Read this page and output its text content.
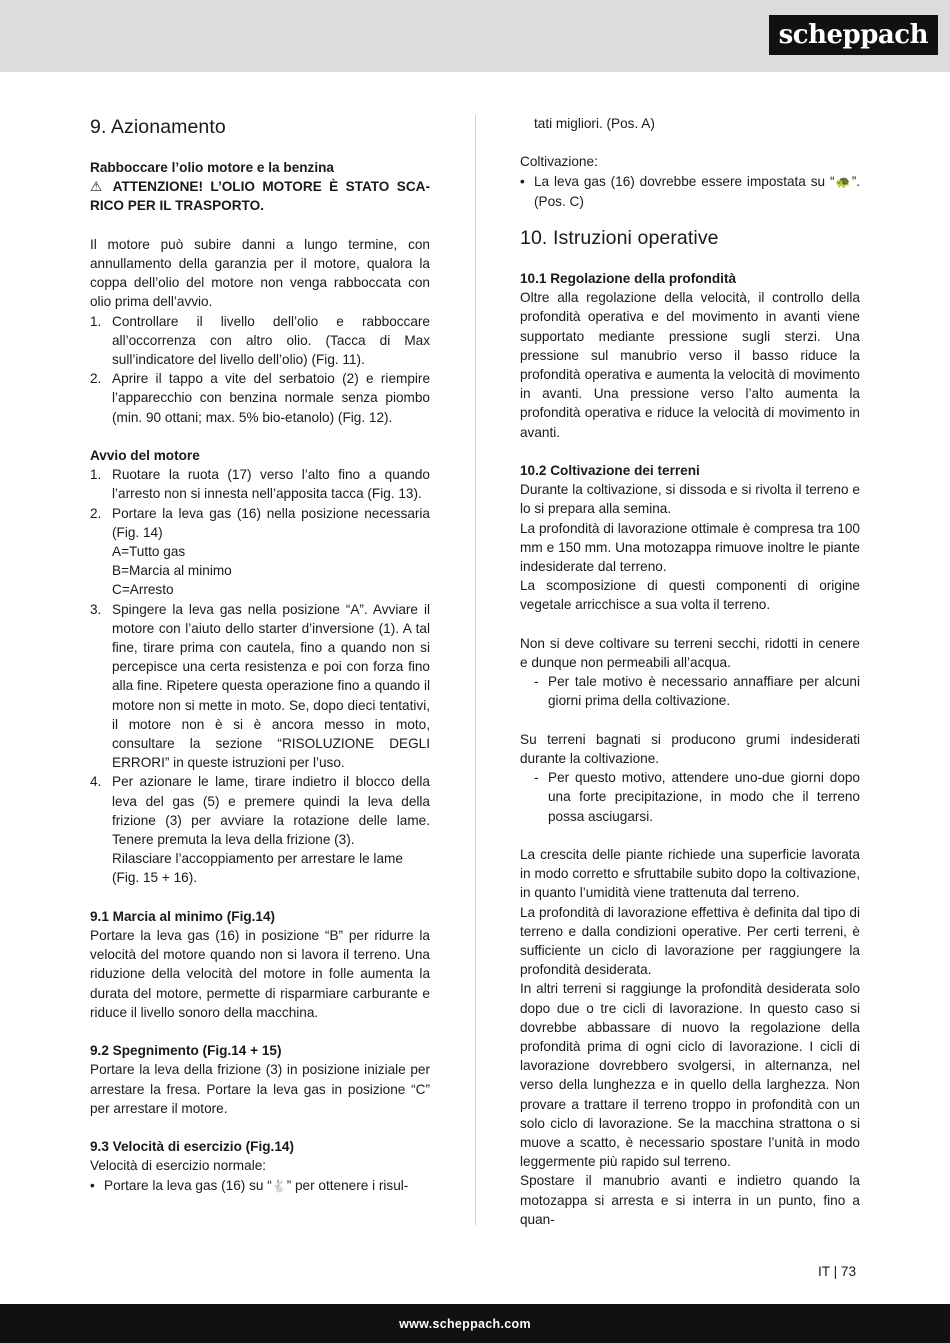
scheppach
9. Azionamento
Rabboccare l’olio motore e la benzina

⚠ ATTENZIONE! L’OLIO MOTORE È STATO SCA-RICO PER IL TRASPORTO.

Il motore può subire danni a lungo termine, con annullamento della garanzia per il motore, qualora la coppa dell’olio del motore non venga rabboccata con olio prima dell’avvio.

1. Controllare il livello dell’olio e rabboccare all’occorrenza con altro olio. (Tacca di Max sull’indicatore del livello dell’olio) (Fig. 11).
2. Aprire il tappo a vite del serbatoio (2) e riempire l’apparecchio con benzina normale senza piombo (min. 90 ottani; max. 5% bio-etanolo) (Fig. 12).
Avvio del motore
1. Ruotare la ruota (17) verso l’alto fino a quando l’arresto non si innesta nell’apposita tacca (Fig. 13).
2. Portare la leva gas (16) nella posizione necessaria (Fig. 14)
A=Tutto gas
B=Marcia al minimo
C=Arresto
3. Spingere la leva gas nella posizione “A”. Avviare il motore con l’aiuto dello starter d’inversione (1). A tal fine, tirare prima con cautela, fino a quando non si percepisce una certa resistenza e poi con forza fino alla fine. Ripetere questa operazione fino a quando il motore non si mette in moto. Se, dopo dieci tentativi, il motore non è si è ancora messo in moto, consultare la sezione “RISOLUZIONE DEGLI ERRORI” in queste istruzioni per l’uso.
4. Per azionare le lame, tirare indietro il blocco della leva del gas (5) e premere quindi la leva della frizione (3) per avviare la rotazione delle lame. Tenere premuta la leva della frizione (3).
Rilasciare l’accoppiamento per arrestare le lame (Fig. 15 + 16).
9.1 Marcia al minimo (Fig.14)

Portare la leva gas (16) in posizione “B” per ridurre la velocità del motore quando non si lavora il terreno. Una riduzione della velocità del motore in folle aumenta la durata del motore, permette di risparmiare carburante e riduce il livello sonoro della macchina.

9.2 Spegnimento (Fig.14 + 15)

Portare la leva della frizione (3) in posizione iniziale per arrestare la fresa. Portare la leva gas in posizione “C” per arrestare il motore.

9.3 Velocità di esercizio (Fig.14)

Velocità di esercizio normale:

• Portare la leva gas (16) su “🐇” per ottenere i risul-

tati migliori. (Pos. A)

Coltivazione:

• La leva gas (16) dovrebbe essere impostata su “🐢”. (Pos. C)
10. Istruzioni operative
10.1 Regolazione della profondità

Oltre alla regolazione della velocità, il controllo della profondità operativa e del movimento in avanti viene supportato mediante pressione sugli sterzi. Una pressione sul manubrio verso il basso riduce la profondità operativa e aumenta la velocità di movimento in avanti. Una pressione verso l’alto aumenta la profondità operativa e riduce la velocità di movimento in avanti.

10.2 Coltivazione dei terreni

Durante la coltivazione, si dissoda e si rivolta il terreno e lo si prepara alla semina.

La profondità di lavorazione ottimale è compresa tra 100 mm e 150 mm. Una motozappa rimuove inoltre le piante indesiderate dal terreno.

La scomposizione di questi componenti di origine vegetale arricchisce a sua volta il terreno.

Non si deve coltivare su terreni secchi, ridotti in cenere e dunque non permeabili all’acqua.

- Per tale motivo è necessario annaffiare per alcuni giorni prima della coltivazione.

Su terreni bagnati si producono grumi indesiderati durante la coltivazione.

- Per questo motivo, attendere uno-due giorni dopo una forte precipitazione, in modo che il terreno possa asciugarsi.

La crescita delle piante richiede una superficie lavorata in modo corretto e sfruttabile subito dopo la coltivazione, in quanto l’umidità viene trattenuta dal terreno.

La profondità di lavorazione effettiva è definita dal tipo di terreno e dalla condizioni operative. Per certi terreni, è sufficiente un ciclo di lavorazione per raggiungere la profondità desiderata.

In altri terreni si raggiunge la profondità desiderata solo dopo due o tre cicli di lavorazione. In questo caso si dovrebbe abbassare di nuovo la regolazione della profondità prima di ogni ciclo di lavorazione. I cicli di lavorazione dovrebbero svolgersi, in alternanza, nel verso della lunghezza e in quello della larghezza. Non provare a trattare il terreno troppo in profondità con un solo ciclo di lavorazione. Se la macchina strattona o si muove a scatto, è necessario spostare l’unità in modo leggermente più rapido sul terreno.

Spostare il manubrio avanti e indietro quando la motozappa si arresta e si interra in un punto, fino a quan-

IT | 73
www.scheppach.com
